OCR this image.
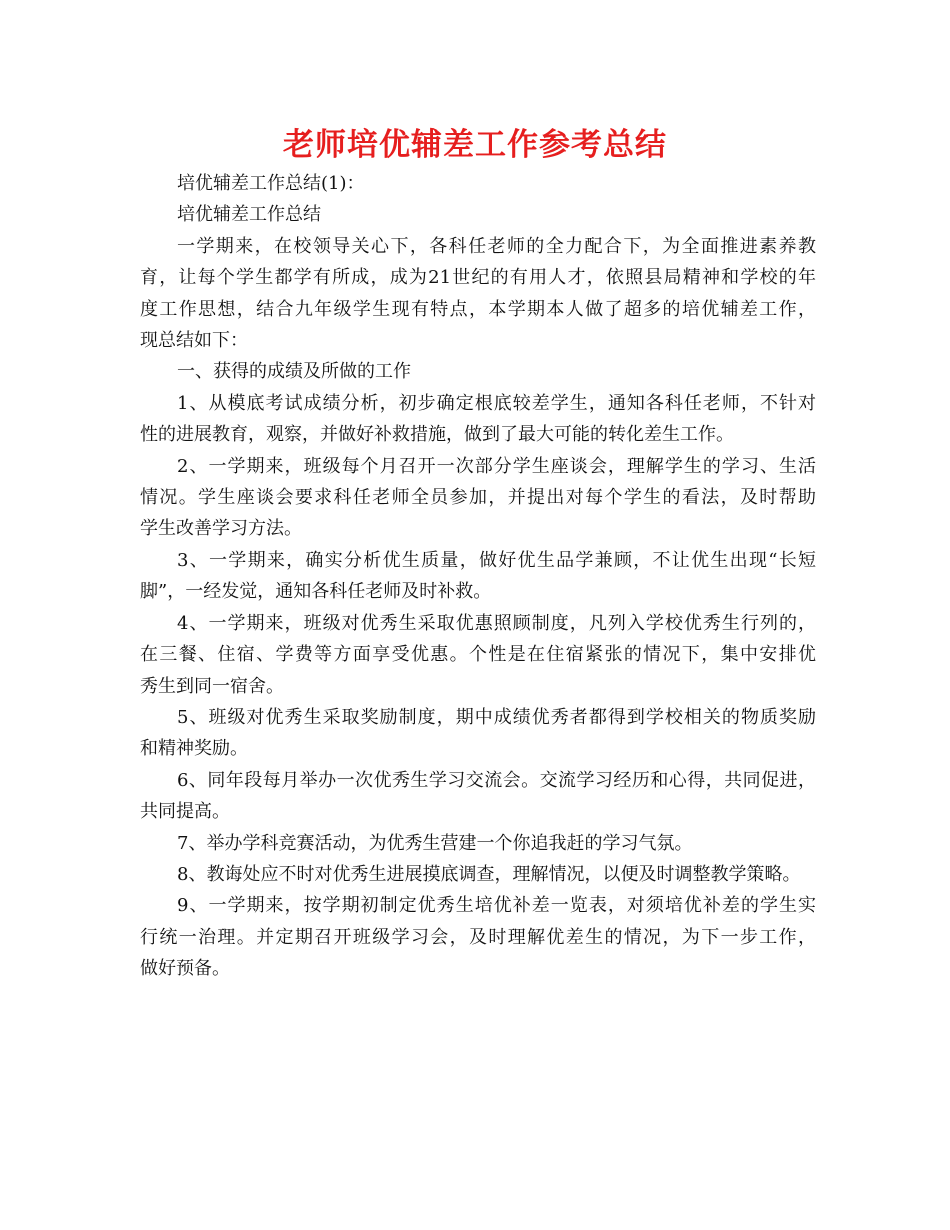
老师培优辅差工作参考总结
培优辅差工作总结(1)：
培优辅差工作总结
一学期来，在校领导关心下，各科任老师的全力配合下，为全面推进素养教
育，让每个学生都学有所成，成为21世纪的有用人才，依照县局精神和学校的年
度工作思想，结合九年级学生现有特点，本学期本人做了超多的培优辅差工作，
现总结如下：
一、获得的成绩及所做的工作
1、从模底考试成绩分析，初步确定根底较差学生，通知各科任老师，不针对
性的进展教育，观察，并做好补救措施，做到了最大可能的转化差生工作。
2、一学期来，班级每个月召开一次部分学生座谈会，理解学生的学习、生活
情况。学生座谈会要求科任老师全员参加，并提出对每个学生的看法，及时帮助
学生改善学习方法。
3、一学期来，确实分析优生质量，做好优生品学兼顾，不让优生出现“长短
脚”，一经发觉，通知各科任老师及时补救。
4、一学期来，班级对优秀生采取优惠照顾制度，凡列入学校优秀生行列的，
在三餐、住宿、学费等方面享受优惠。个性是在住宿紧张的情况下，集中安排优
秀生到同一宿舍。
5、班级对优秀生采取奖励制度，期中成绩优秀者都得到学校相关的物质奖励
和精神奖励。
6、同年段每月举办一次优秀生学习交流会。交流学习经历和心得，共同促进，
共同提高。
7、举办学科竞赛活动，为优秀生营建一个你追我赶的学习气氛。
8、教诲处应不时对优秀生进展摸底调查，理解情况，以便及时调整教学策略。
9、一学期来，按学期初制定优秀生培优补差一览表，对须培优补差的学生实
行统一治理。并定期召开班级学习会，及时理解优差生的情况，为下一步工作，
做好预备。
